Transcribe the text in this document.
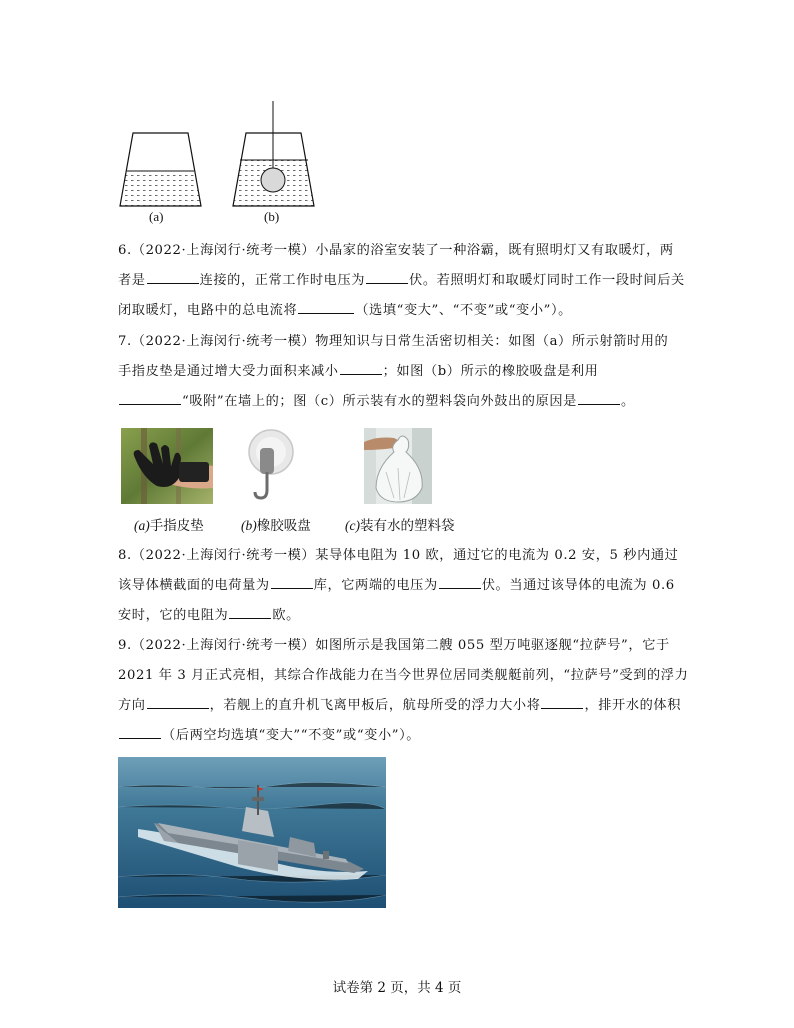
(a)	(b)

6.（2022·上海闵行·统考一模）小晶家的浴室安装了一种浴霸，既有照明灯又有取暖灯，两

者是	连接的，正常工作时电压为	伏。若照明灯和取暖灯同时工作一段时间后关

闭取暖灯，电路中的总电流将	（选填“变大”、“不变”或“变小”）。

7.（2022·上海闵行·统考一模）物理知识与日常生活密切相关：如图（a）所示射箭时用的

手指皮垫是通过增大受力面积来减小	；如图（b）所示的橡胶吸盘是利用

“吸附”在墙上的；图（c）所示装有水的塑料袋向外鼓出的原因是	。

(a)手指皮垫	(b)橡胶吸盘	(c)装有水的塑料袋

8.（2022·上海闵行·统考一模）某导体电阻为 10 欧，通过它的电流为 0.2 安，5 秒内通过

该导体横截面的电荷量为	库，它两端的电压为	伏。当通过该导体的电流为 0.6

安时，它的电阻为	欧。

9.（2022·上海闵行·统考一模）如图所示是我国第二艘 055 型万吨驱逐舰“拉萨号”，它于

2021 年 3 月正式亮相，其综合作战能力在当今世界位居同类舰艇前列，“拉萨号”受到的浮力

方向	，若舰上的直升机飞离甲板后，航母所受的浮力大小将	，排开水的体积

（后两空均选填“变大”“不变”或“变小”）。

试卷第 2 页，共 4 页
